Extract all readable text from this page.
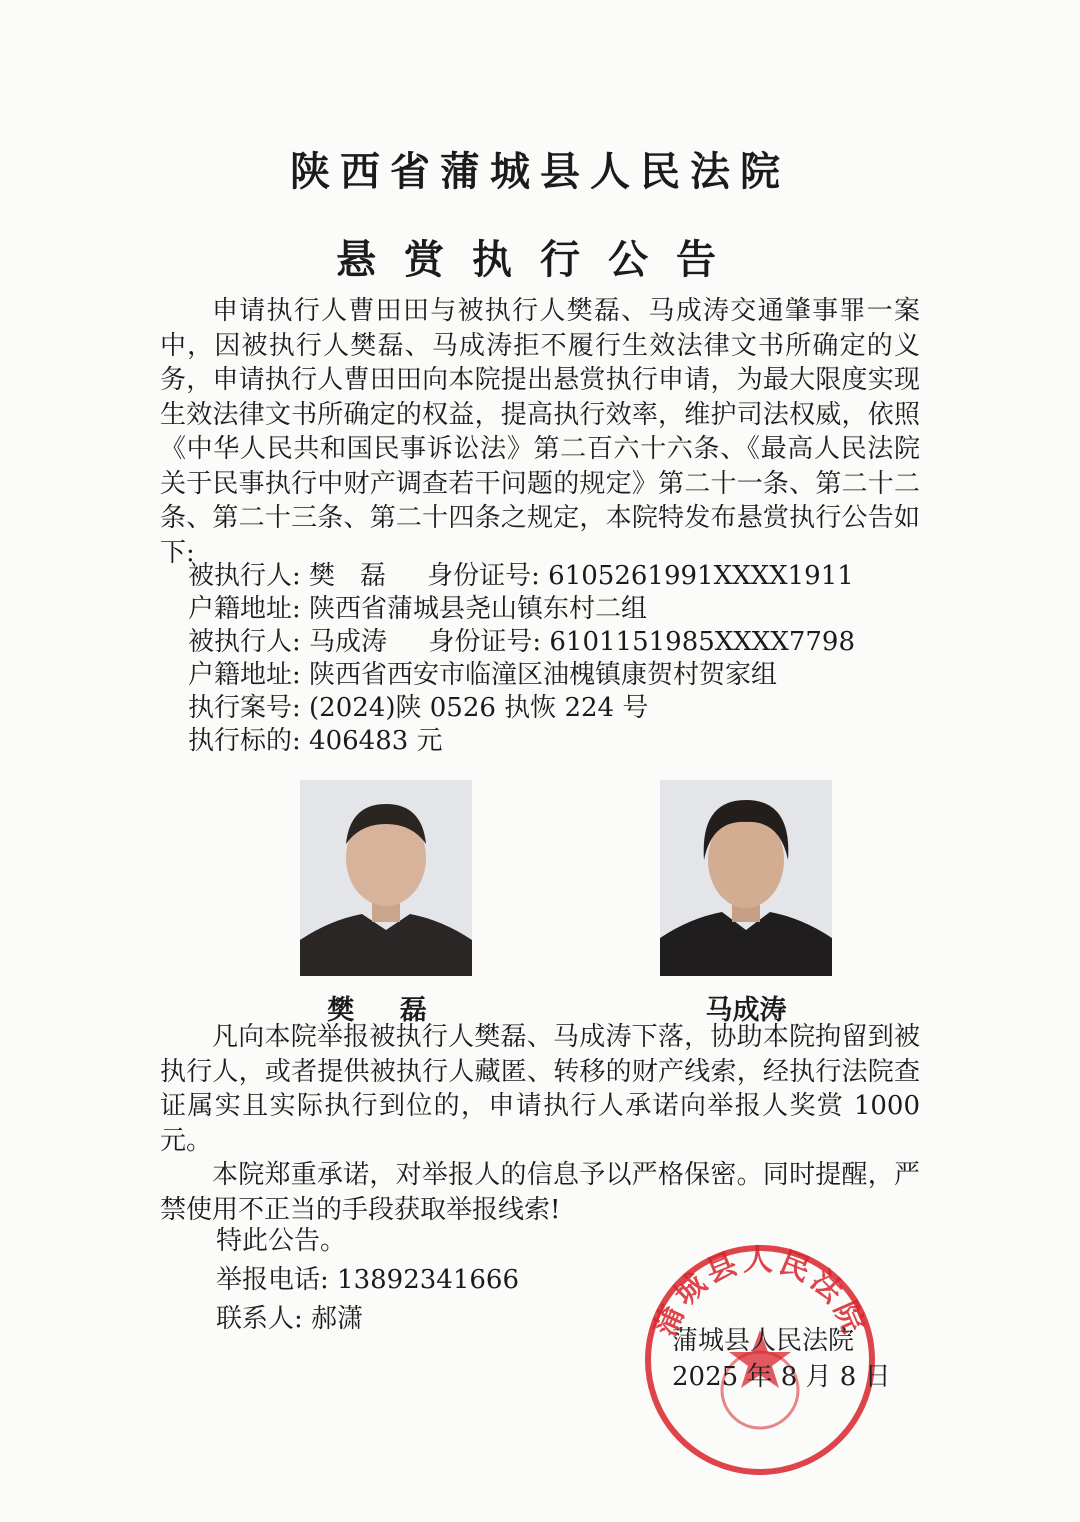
陕西省蒲城县人民法院
悬赏执行公告

申请执行人曹田田与被执行人樊磊、马成涛交通肇事罪一案中，因被执行人樊磊、马成涛拒不履行生效法律文书所确定的义务，申请执行人曹田田向本院提出悬赏执行申请，为最大限度实现生效法律文书所确定的权益，提高执行效率，维护司法权威，依照《中华人民共和国民事诉讼法》第二百六十六条、《最高人民法院关于民事执行中财产调查若干问题的规定》第二十一条、第二十二条、第二十三条、第二十四条之规定，本院特发布悬赏执行公告如下:

被执行人: 樊   磊     身份证号: 6105261991XXXX1911
户籍地址: 陕西省蒲城县尧山镇东村二组
被执行人: 马成涛     身份证号: 6101151985XXXX7798
户籍地址: 陕西省西安市临潼区油槐镇康贺村贺家组
执行案号: (2024)陕 0526 执恢 224 号
执行标的: 406483 元
樊 磊	马成涛

凡向本院举报被执行人樊磊、马成涛下落，协助本院拘留到被执行人，或者提供被执行人藏匿、转移的财产线索，经执行法院查证属实且实际执行到位的，申请执行人承诺向举报人奖赏 1000 元。

本院郑重承诺，对举报人的信息予以严格保密。同时提醒，严禁使用不正当的手段获取举报线索!

特此公告。
举报电话: 13892341666
联系人: 郝潇	蒲城县人民法院
蒲城县人民法院
2025 年 8 月 8 日
